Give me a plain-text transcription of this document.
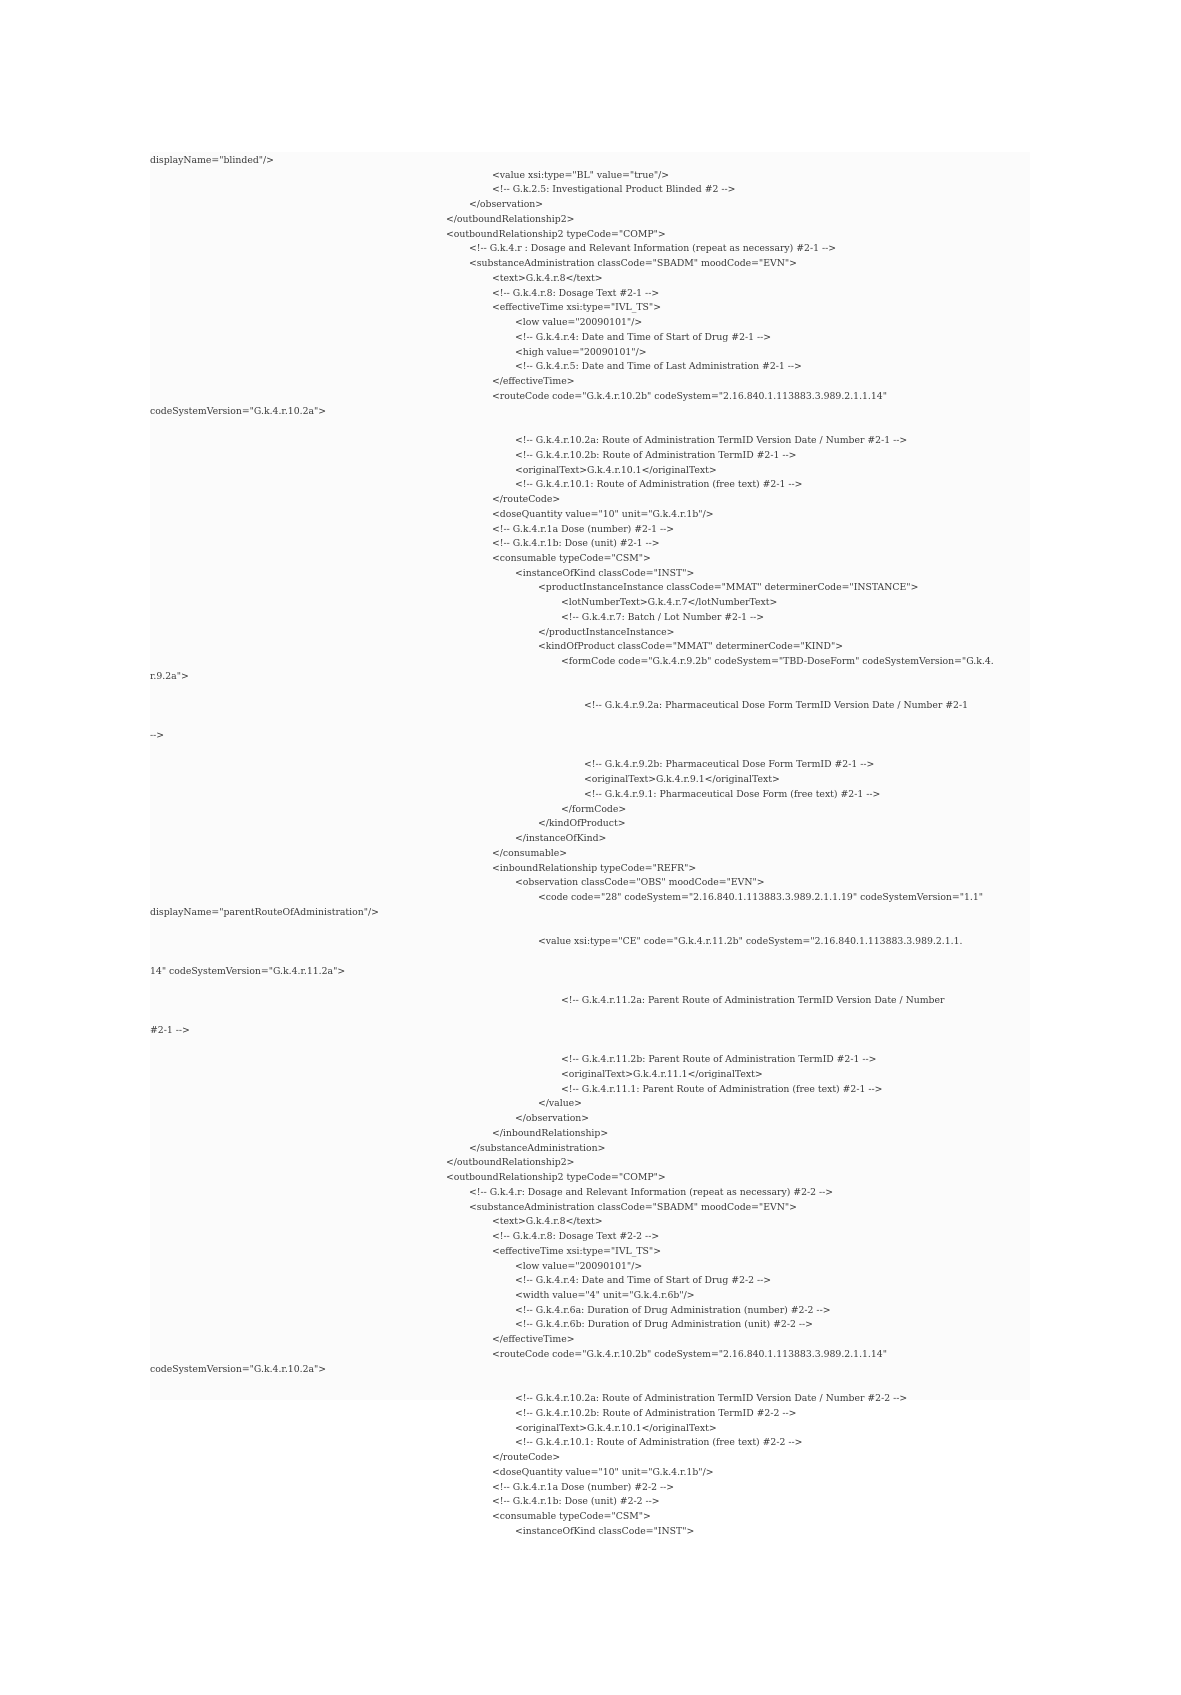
displayName="blinded"/>
<value xsi:type="BL" value="true"/>
<!-- G.k.2.5: Investigational Product Blinded #2 -->
</observation>
</outboundRelationship2>
<outboundRelationship2 typeCode="COMP">
<!-- G.k.4.r : Dosage and Relevant Information (repeat as necessary) #2-1 -->
<substanceAdministration classCode="SBADM" moodCode="EVN">
<text>G.k.4.r.8</text>
<!-- G.k.4.r.8: Dosage Text #2-1 -->
<effectiveTime xsi:type="IVL_TS">
<low value="20090101"/>
<!-- G.k.4.r.4: Date and Time of Start of Drug #2-1 -->
<high value="20090101"/>
<!-- G.k.4.r.5: Date and Time of Last Administration #2-1 -->
</effectiveTime>
<routeCode code="G.k.4.r.10.2b" codeSystem="2.16.840.1.113883.3.989.2.1.1.14"
codeSystemVersion="G.k.4.r.10.2a">
<!-- G.k.4.r.10.2a: Route of Administration TermID Version Date / Number #2-1 -->
<!-- G.k.4.r.10.2b: Route of Administration TermID #2-1 -->
<originalText>G.k.4.r.10.1</originalText>
<!-- G.k.4.r.10.1: Route of Administration (free text) #2-1 -->
</routeCode>
<doseQuantity value="10" unit="G.k.4.r.1b"/>
<!-- G.k.4.r.1a Dose (number) #2-1 -->
<!-- G.k.4.r.1b: Dose (unit) #2-1 -->
<consumable typeCode="CSM">
<instanceOfKind classCode="INST">
<productInstanceInstance classCode="MMAT" determinerCode="INSTANCE">
<lotNumberText>G.k.4.r.7</lotNumberText>
<!-- G.k.4.r.7: Batch / Lot Number #2-1 -->
</productInstanceInstance>
<kindOfProduct classCode="MMAT" determinerCode="KIND">
<formCode code="G.k.4.r.9.2b" codeSystem="TBD-DoseForm" codeSystemVersion="G.k.4.
r.9.2a">
<!-- G.k.4.r.9.2a: Pharmaceutical Dose Form TermID Version Date / Number #2-1
-->
<!-- G.k.4.r.9.2b: Pharmaceutical Dose Form TermID #2-1 -->
<originalText>G.k.4.r.9.1</originalText>
<!-- G.k.4.r.9.1: Pharmaceutical Dose Form (free text) #2-1 -->
</formCode>
</kindOfProduct>
</instanceOfKind>
</consumable>
<inboundRelationship typeCode="REFR">
<observation classCode="OBS" moodCode="EVN">
<code code="28" codeSystem="2.16.840.1.113883.3.989.2.1.1.19" codeSystemVersion="1.1"
displayName="parentRouteOfAdministration"/>
<value xsi:type="CE" code="G.k.4.r.11.2b" codeSystem="2.16.840.1.113883.3.989.2.1.1.
14" codeSystemVersion="G.k.4.r.11.2a">
<!-- G.k.4.r.11.2a: Parent Route of Administration TermID Version Date / Number
#2-1 -->
<!-- G.k.4.r.11.2b: Parent Route of Administration TermID #2-1 -->
<originalText>G.k.4.r.11.1</originalText>
<!-- G.k.4.r.11.1: Parent Route of Administration (free text) #2-1 -->
</value>
</observation>
</inboundRelationship>
</substanceAdministration>
</outboundRelationship2>
<outboundRelationship2 typeCode="COMP">
<!-- G.k.4.r: Dosage and Relevant Information (repeat as necessary) #2-2 -->
<substanceAdministration classCode="SBADM" moodCode="EVN">
<text>G.k.4.r.8</text>
<!-- G.k.4.r.8: Dosage Text #2-2 -->
<effectiveTime xsi:type="IVL_TS">
<low value="20090101"/>
<!-- G.k.4.r.4: Date and Time of Start of Drug #2-2 -->
<width value="4" unit="G.k.4.r.6b"/>
<!-- G.k.4.r.6a: Duration of Drug Administration (number) #2-2 -->
<!-- G.k.4.r.6b: Duration of Drug Administration (unit) #2-2 -->
</effectiveTime>
<routeCode code="G.k.4.r.10.2b" codeSystem="2.16.840.1.113883.3.989.2.1.1.14"
codeSystemVersion="G.k.4.r.10.2a">
<!-- G.k.4.r.10.2a: Route of Administration TermID Version Date / Number #2-2 -->
<!-- G.k.4.r.10.2b: Route of Administration TermID #2-2 -->
<originalText>G.k.4.r.10.1</originalText>
<!-- G.k.4.r.10.1: Route of Administration (free text) #2-2 -->
</routeCode>
<doseQuantity value="10" unit="G.k.4.r.1b"/>
<!-- G.k.4.r.1a Dose (number) #2-2 -->
<!-- G.k.4.r.1b: Dose (unit) #2-2 -->
<consumable typeCode="CSM">
<instanceOfKind classCode="INST">
